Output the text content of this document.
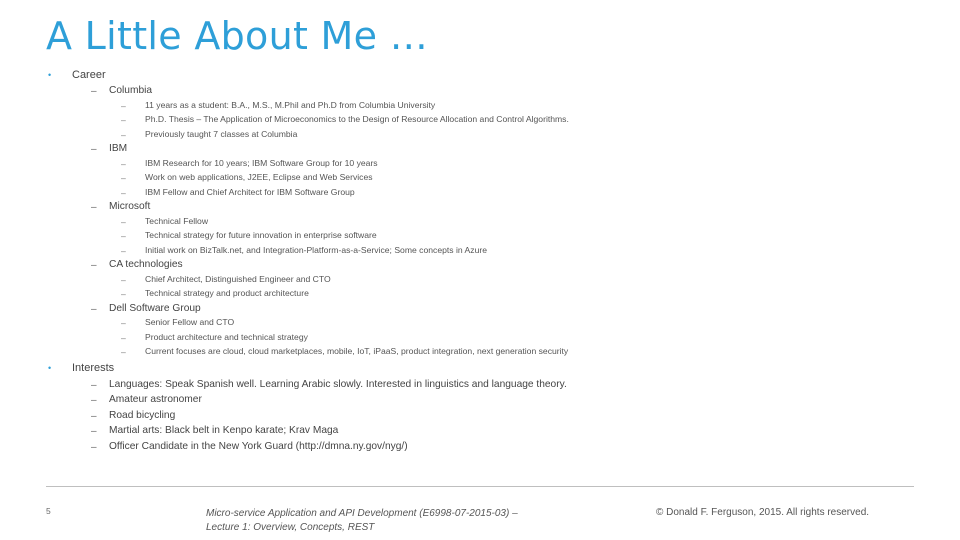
A Little About Me …
• Career
– Columbia
– 11 years as a student: B.A., M.S., M.Phil and Ph.D from Columbia University
– Ph.D. Thesis – The Application of Microeconomics to the Design of Resource Allocation and Control Algorithms.
– Previously taught 7 classes at Columbia
– IBM
– IBM Research for 10 years; IBM Software Group for 10 years
– Work on web applications, J2EE, Eclipse and Web Services
– IBM Fellow and Chief Architect for IBM Software Group
– Microsoft
– Technical Fellow
– Technical strategy for future innovation in enterprise software
– Initial work on BizTalk.net, and Integration-Platform-as-a-Service; Some concepts in Azure
– CA technologies
– Chief Architect, Distinguished Engineer and CTO
– Technical strategy and product architecture
– Dell Software Group
– Senior Fellow and CTO
– Product architecture and technical strategy
– Current focuses are cloud, cloud marketplaces, mobile, IoT, iPaaS, product integration, next generation security
• Interests
– Languages: Speak Spanish well. Learning Arabic slowly. Interested in linguistics and language theory.
– Amateur astronomer
– Road bicycling
– Martial arts: Black belt in Kenpo karate; Krav Maga
– Officer Candidate in the New York Guard (http://dmna.ny.gov/nyg/)
5	Micro-service Application and API Development (E6998-07-2015-03) –
Lecture 1: Overview, Concepts, REST
© Donald F. Ferguson, 2015. All rights reserved.
